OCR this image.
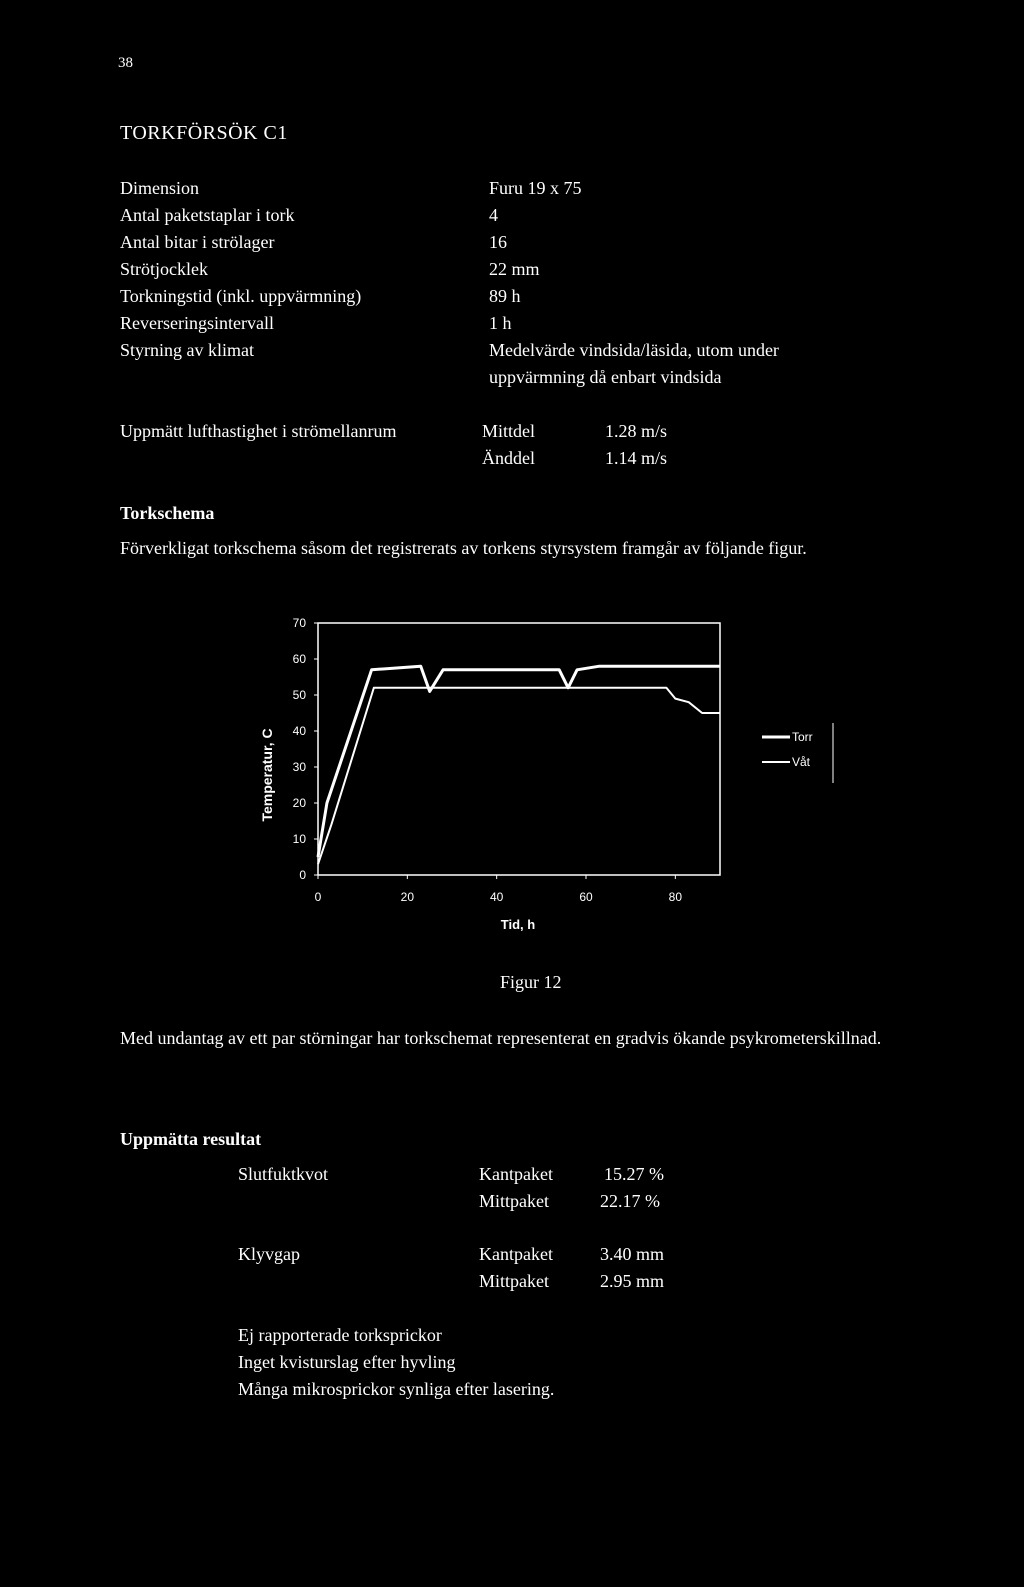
38
TORKFÖRSÖK C1
Dimension	Furu 19 x 75
Antal paketstaplar i tork	4
Antal bitar i strölager	16
Strötjocklek	22 mm
Torkningstid (inkl. uppvärmning)	89 h
Reverseringsintervall	1 h
Styrning av klimat	Medelvärde vindsida/läsida, utom under
uppvärmning då enbart vindsida
Uppmätt lufthastighet i strömellanrum	Mittdel	1.28 m/s
Änddel	1.14 m/s
Torkschema
Förverkligat torkschema såsom det registrerats av torkens styrsystem framgår av följande figur.
0
10
20
30
40
50
60
70
0	20	40	60	80
Torr
Våt
Temperatur, C
Tid, h
Figur 12
Med undantag av ett par störningar har torkschemat representerat en gradvis ökande psykrometerskillnad.
Uppmätta resultat
Slutfuktkvot	Kantpaket	15.27 %
Mittpaket	22.17 %
Klyvgap	Kantpaket	3.40 mm
Mittpaket	2.95 mm
Ej rapporterade torksprickor
Inget kvisturslag efter hyvling
Många mikrosprickor synliga efter lasering.
